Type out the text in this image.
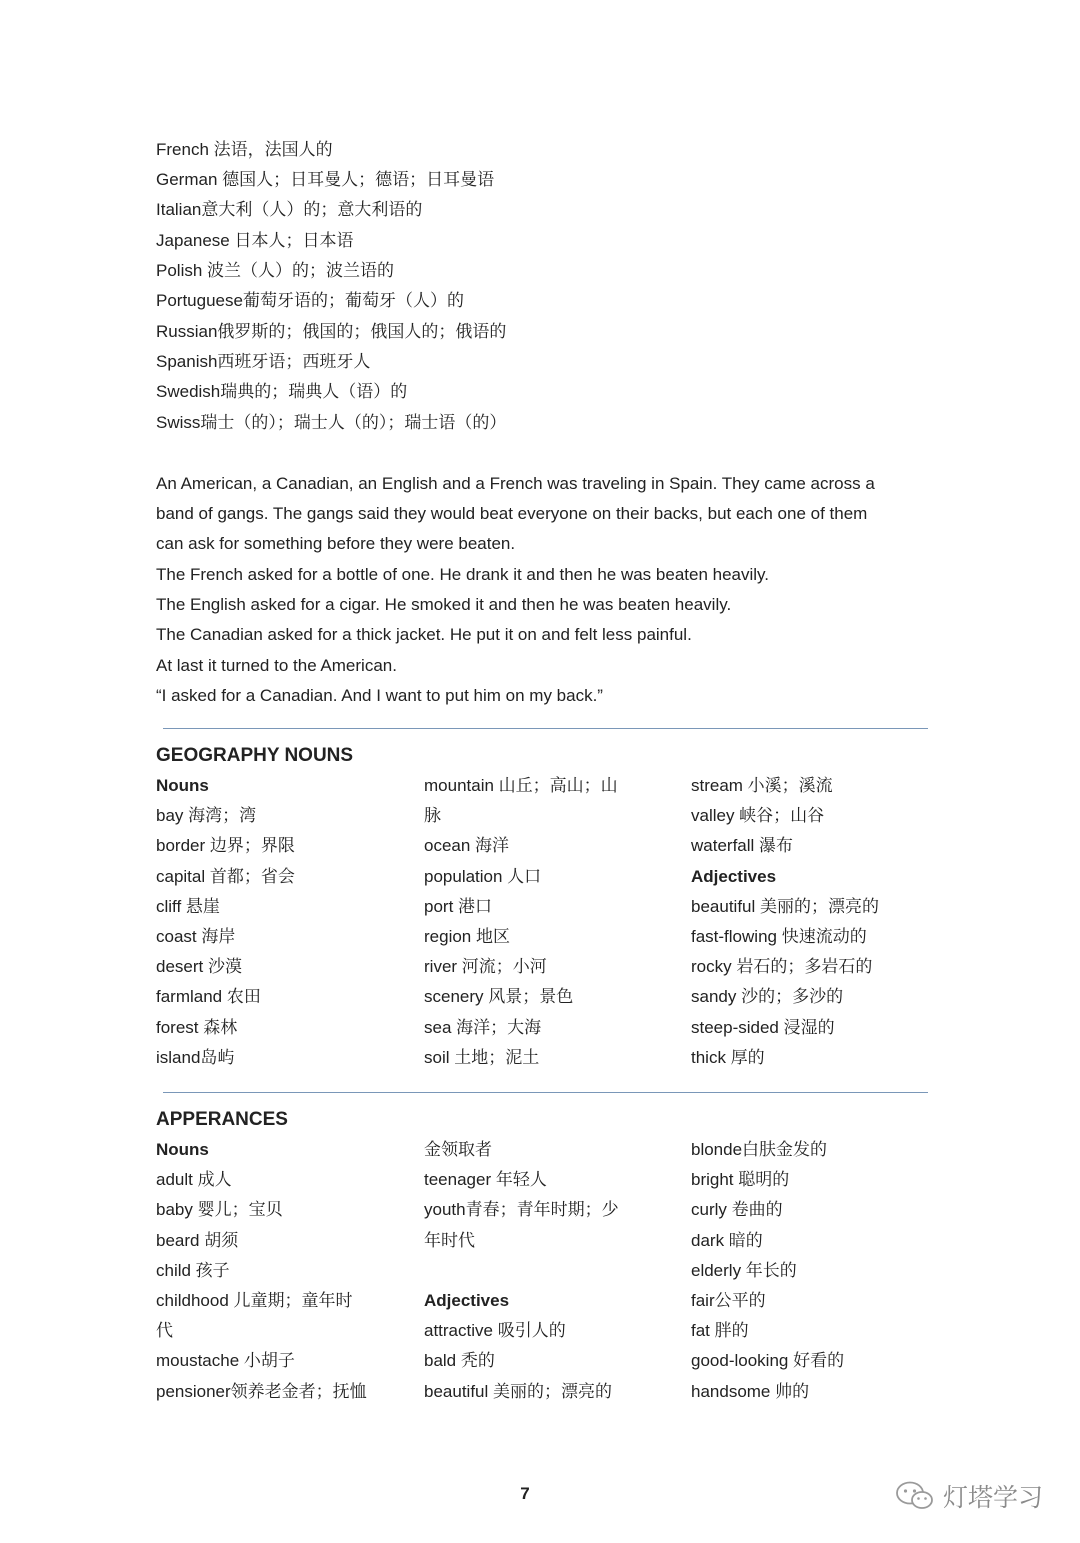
French 法语，法国人的
German 德国人；日耳曼人；德语；日耳曼语
Italian意大利（人）的；意大利语的
Japanese 日本人；日本语
Polish 波兰（人）的；波兰语的
Portuguese葡萄牙语的；葡萄牙（人）的
Russian俄罗斯的；俄国的；俄国人的；俄语的
Spanish西班牙语；西班牙人
Swedish瑞典的；瑞典人（语）的
Swiss瑞士（的）；瑞士人（的）；瑞士语（的）
An American, a Canadian, an English and a French was traveling in Spain. They came across a
band of gangs. The gangs said they would beat everyone on their backs, but each one of them
can ask for something before they were beaten.
The French asked for a bottle of one. He drank it and then he was beaten heavily.
The English asked for a cigar. He smoked it and then he was beaten heavily.
The Canadian asked for a thick jacket. He put it on and felt less painful.
At last it turned to the American.
“I asked for a Canadian. And I want to put him on my back.”
GEOGRAPHY NOUNS
Nouns
bay 海湾；湾
border 边界；界限
capital 首都；省会
cliff 悬崖
coast 海岸
desert 沙漠
farmland 农田
forest 森林
island岛屿
mountain 山丘；高山；山
脉
ocean 海洋
population 人口
port 港口
region 地区
river 河流；小河
scenery 风景；景色
sea 海洋；大海
soil 土地；泥土
stream 小溪；溪流
valley 峡谷；山谷
waterfall 瀑布
Adjectives
beautiful 美丽的；漂亮的
fast-flowing 快速流动的
rocky 岩石的；多岩石的
sandy 沙的；多沙的
steep-sided 浸湿的
thick 厚的
APPERANCES
Nouns
adult 成人
baby 婴儿；宝贝
beard 胡须
child 孩子
childhood 儿童期；童年时
代
moustache 小胡子
pensioner领养老金者；抚恤
金领取者
teenager 年轻人
youth青春；青年时期；少
年时代
Adjectives
attractive 吸引人的
bald 秃的
beautiful 美丽的；漂亮的
blonde白肤金发的
bright 聪明的
curly 卷曲的
dark 暗的
elderly 年长的
fair公平的
fat 胖的
good-looking 好看的
handsome 帅的
7	灯塔学习
